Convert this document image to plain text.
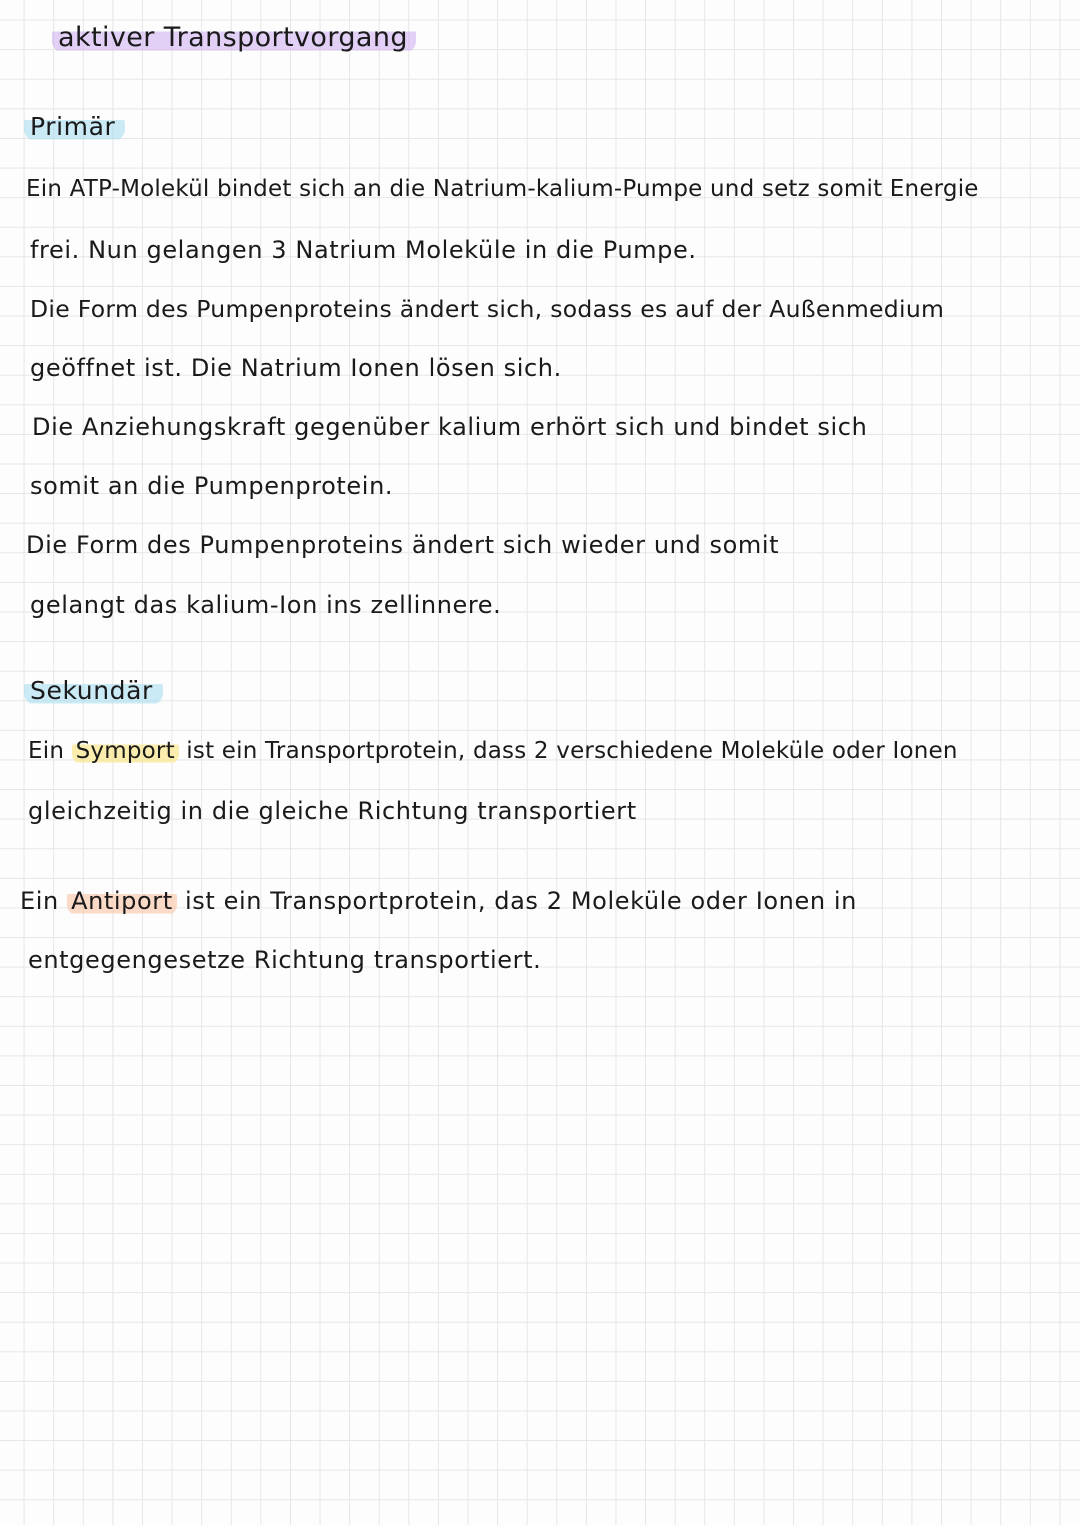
aktiver Transportvorgang
Primär
Ein ATP-Molekül bindet sich an die Natrium-kalium-Pumpe und setz somit Energie
frei. Nun gelangen 3 Natrium Moleküle in die Pumpe.
Die Form des Pumpenproteins ändert sich, sodass es auf der Außenmedium
geöffnet ist. Die Natrium Ionen lösen sich.
Die Anziehungskraft gegenüber kalium erhört sich und bindet sich
somit an die Pumpenprotein.
Die Form des Pumpenproteins ändert sich wieder und somit
gelangt das kalium-Ion ins zellinnere.
Sekundär
Ein Symport ist ein Transportprotein, dass 2 verschiedene Moleküle oder Ionen
gleichzeitig in die gleiche Richtung transportiert
Ein Antiport ist ein Transportprotein, das 2 Moleküle oder Ionen in
entgegengesetze Richtung transportiert.
